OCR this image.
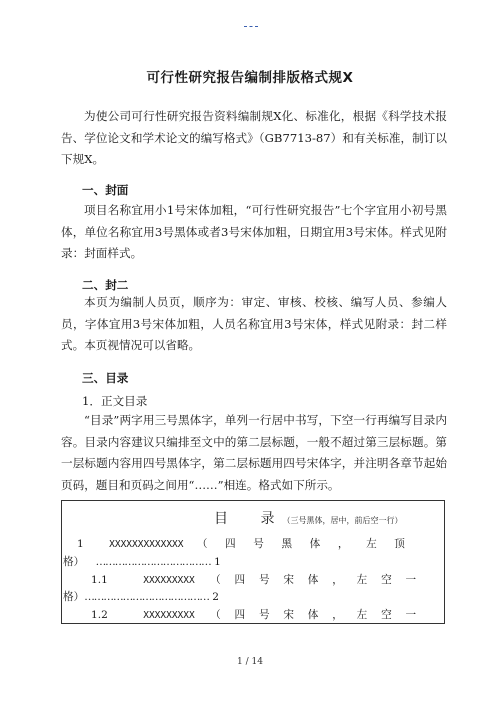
可行性研究报告编制排版格式规X

为使公司可行性研究报告资料编制规X化、标准化，根据《科学技术报告、学位论文和学术论文的编写格式》（GB7713-87）和有关标准，制订以下规X。

一、封面

项目名称宜用小1号宋体加粗，“可行性研究报告”七个字宜用小初号黑体，单位名称宜用3号黑体或者3号宋体加粗，日期宜用3号宋体。样式见附录：封面样式。

二、封二

本页为编制人员页，顺序为：审定、审核、校核、编写人员、参编人员，字体宜用3号宋体加粗，人员名称宜用3号宋体，样式见附录：封二样式。本页视情况可以省略。

三、目录

1．正文目录

“目录”两字用三号黑体字，单列一行居中书写，下空一行再编写目录内容。目录内容建议只编排至文中的第二层标题，一般不超过第三层标题。第一层标题内容用四号黑体字，第二层标题用四号宋体字，并注明各章节起始页码，题目和页码之间用“……”相连。格式如下所示。

目 录（三号黑体，居中，前后空一行）
1	XXXXXXXXXXXXX （四号黑体，左顶
格） ……………………………… 1
1.1	XXXXXXXXX （四号宋体，左空一
格）………………………………… 2
1.2	XXXXXXXXX （四号宋体，左空一
1 / 14
